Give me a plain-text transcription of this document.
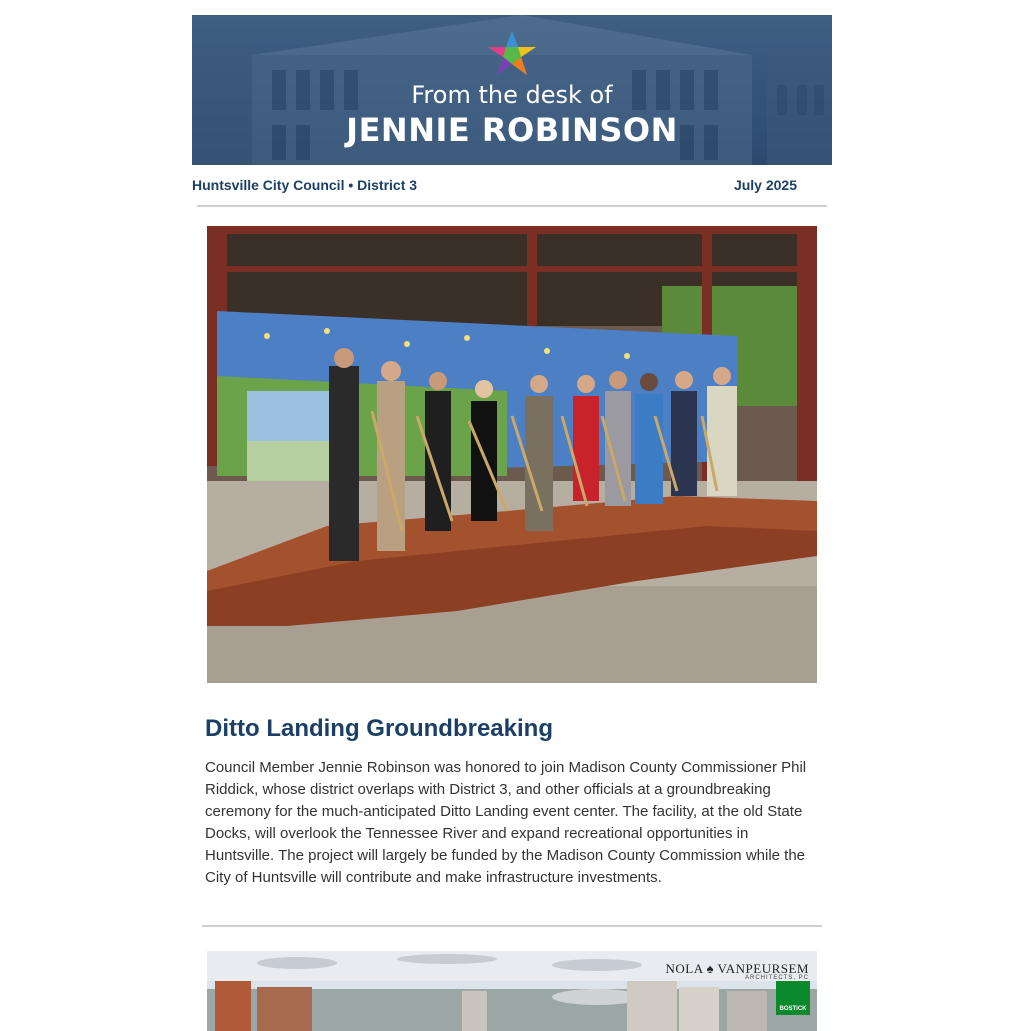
From the desk of
JENNIE ROBINSON
Huntsville City Council • District 3	July 2025
Ditto Landing Groundbreaking

Council Member Jennie Robinson was honored to join Madison County Commissioner Phil Riddick, whose district overlaps with District 3, and other officials at a groundbreaking ceremony for the much-anticipated Ditto Landing event center. The facility, at the old State Docks, will overlook the Tennessee River and expand recreational opportunities in Huntsville. The project will largely be funded by the Madison County Commission while the City of Huntsville will contribute and make infrastructure investments.

NOLA ♠ VANPEURSEM
ARCHITECTS, PC
BOSTICK
